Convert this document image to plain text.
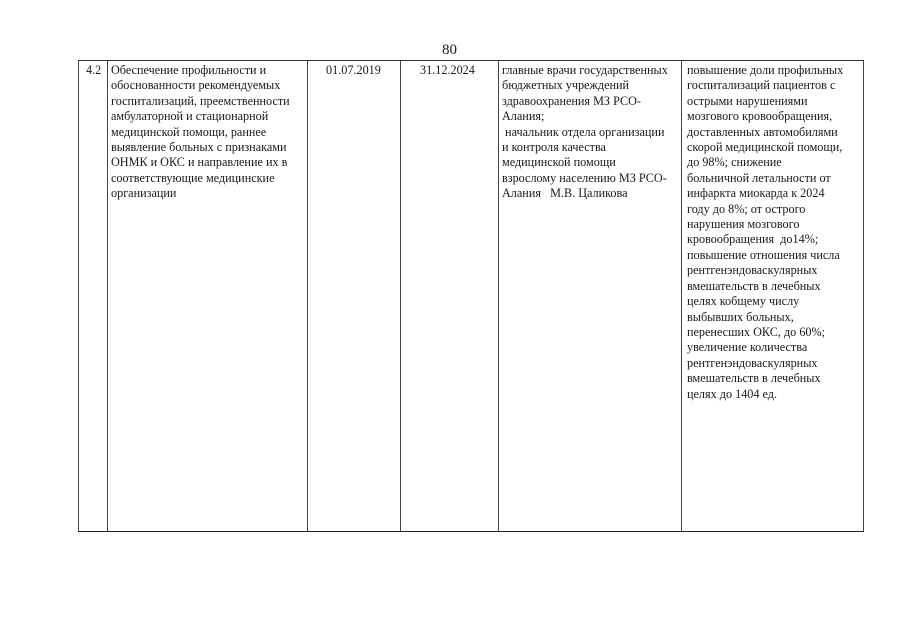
80
4.2 Обеспечение профильности и
обоснованности рекомендуемых
госпитализаций, преемственности
амбулаторной и стационарной
медицинской помощи, раннее
выявление больных с признаками
ОНМК и ОКС и направление их в
соответствующие медицинские
организации
01.07.2019	31.12.2024 главные врачи государственных
бюджетных учреждений
здравоохранения МЗ РСО-
Алания;
начальник отдела организации
и контроля качества
медицинской помощи
взрослому населению МЗ РСО-
Алания   М.В. Цаликова
повышение доли профильных
госпитализаций пациентов с
острыми нарушениями
мозгового кровообращения,
доставленных автомобилями
скорой медицинской помощи,
до 98%; снижение
больничной летальности от
инфаркта миокарда к 2024
году до 8%; от острого
нарушения мозгового
кровообращения  до14%;
повышение отношения числа
рентгенэндоваскулярных
вмешательств в лечебных
целях кобщему числу
выбывших больных,
перенесших ОКС, до 60%;
увеличение количества
рентгенэндоваскулярных
вмешательств в лечебных
целях до 1404 ед.
